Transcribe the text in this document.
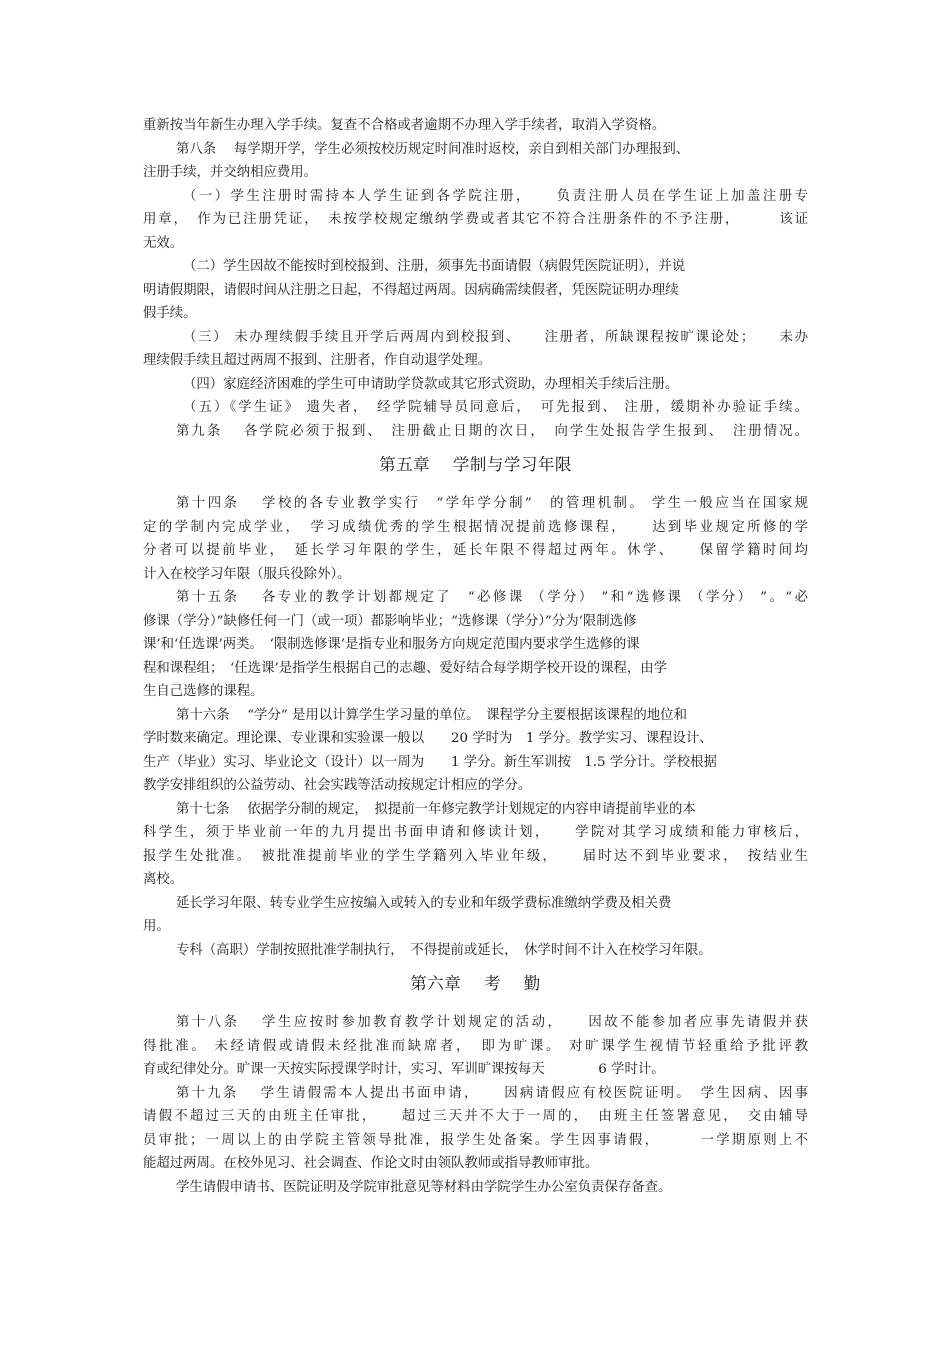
重新按当年新生办理入学手续。复查不合格或者逾期不办理入学手续者，取消入学资格。
第八条　 每学期开学，学生必须按校历规定时间准时返校，亲自到相关部门办理报到、
注册手续，并交纳相应费用。
（一）学生注册时需持本人学生证到各学院注册，　　负责注册人员在学生证上加盖注册专
用章，　作为已注册凭证，　未按学校规定缴纳学费或者其它不符合注册条件的不予注册，　　　该证
无效。
（二）学生因故不能按时到校报到、注册，须事先书面请假（病假凭医院证明），并说
明请假期限，请假时间从注册之日起，不得超过两周。因病确需续假者，凭医院证明办理续
假手续。
（三） 未办理续假手续且开学后两周内到校报到、　　注册者，所缺课程按旷课论处；　　未办
理续假手续且超过两周不报到、注册者，作自动退学处理。
（四）家庭经济困难的学生可申请助学贷款或其它形式资助，办理相关手续后注册。
（五）《学生证》 遗失者，　经学院辅导员同意后，　可先报到、 注册，缓期补办验证手续。
第九条　 各学院必须于报到、　注册截止日期的次日，　向学生处报告学生报到、　注册情况。
第五章　 学制与学习年限
第十四条　 学校的各专业教学实行　“学年学分制”　的管理机制。 学生一般应当在国家规
定的学制内完成学业，　学习成绩优秀的学生根据情况提前选修课程，　　达到毕业规定所修的学
分者可以提前毕业，　延长学习年限的学生，延长年限不得超过两年。休学、　　保留学籍时间均
计入在校学习年限（服兵役除外）。
第十五条　 各专业的教学计划都规定了　“必修课 （学分） ”和“选修课 （学分） ”。“必
修课（学分）”缺修任何一门（或一项）都影响毕业；“选修课（学分）”分为‘限制选修
课’和‘任选课’两类。　‘限制选修课’是指专业和服务方向规定范围内要求学生选修的课
程和课程组；　‘任选课’是指学生根据自己的志趣、爱好结合每学期学校开设的课程，由学
生自己选修的课程。
第十六条　 “学分” 是用以计算学生学习量的单位。　课程学分主要根据该课程的地位和
学时数来确定。理论课、专业课和实验课一般以　　20 学时为　1 学分。教学实习、课程设计、
生产（毕业）实习、毕业论文（设计）以一周为　　1 学分。新生军训按　1.5 学分计。学校根据
教学安排组织的公益劳动、社会实践等活动按规定计相应的学分。
第十七条　 依据学分制的规定，　拟提前一年修完教学计划规定的内容申请提前毕业的本
科学生，须于毕业前一年的九月提出书面申请和修读计划，　　学院对其学习成绩和能力审核后，
报学生处批准。　被批准提前毕业的学生学籍列入毕业年级，　　届时达不到毕业要求，　按结业生
离校。
延长学习年限、转专业学生应按编入或转入的专业和年级学费标准缴纳学费及相关费
用。
专科（高职）学制按照批准学制执行，　不得提前或延长，　休学时间不计入在校学习年限。
第六章　 考　 勤
第十八条　 学生应按时参加教育教学计划规定的活动，　　因故不能参加者应事先请假并获
得批准。 未经请假或请假未经批准而缺席者，　即为旷课。 对旷课学生视情节轻重给予批评教
育或纪律处分。旷课一天按实际授课学时计，实习、军训旷课按每天　　　　6 学时计。
第十九条　 学生请假需本人提出书面申请，　　因病请假应有校医院证明。　学生因病、因事
请假不超过三天的由班主任审批，　　超过三天并不大于一周的，　由班主任签署意见，　交由辅导
员审批；一周以上的由学院主管领导批准，报学生处备案。学生因事请假，　　　一学期原则上不
能超过两周。在校外见习、社会调查、作论文时由领队教师或指导教师审批。
学生请假申请书、医院证明及学院审批意见等材料由学院学生办公室负责保存备查。
